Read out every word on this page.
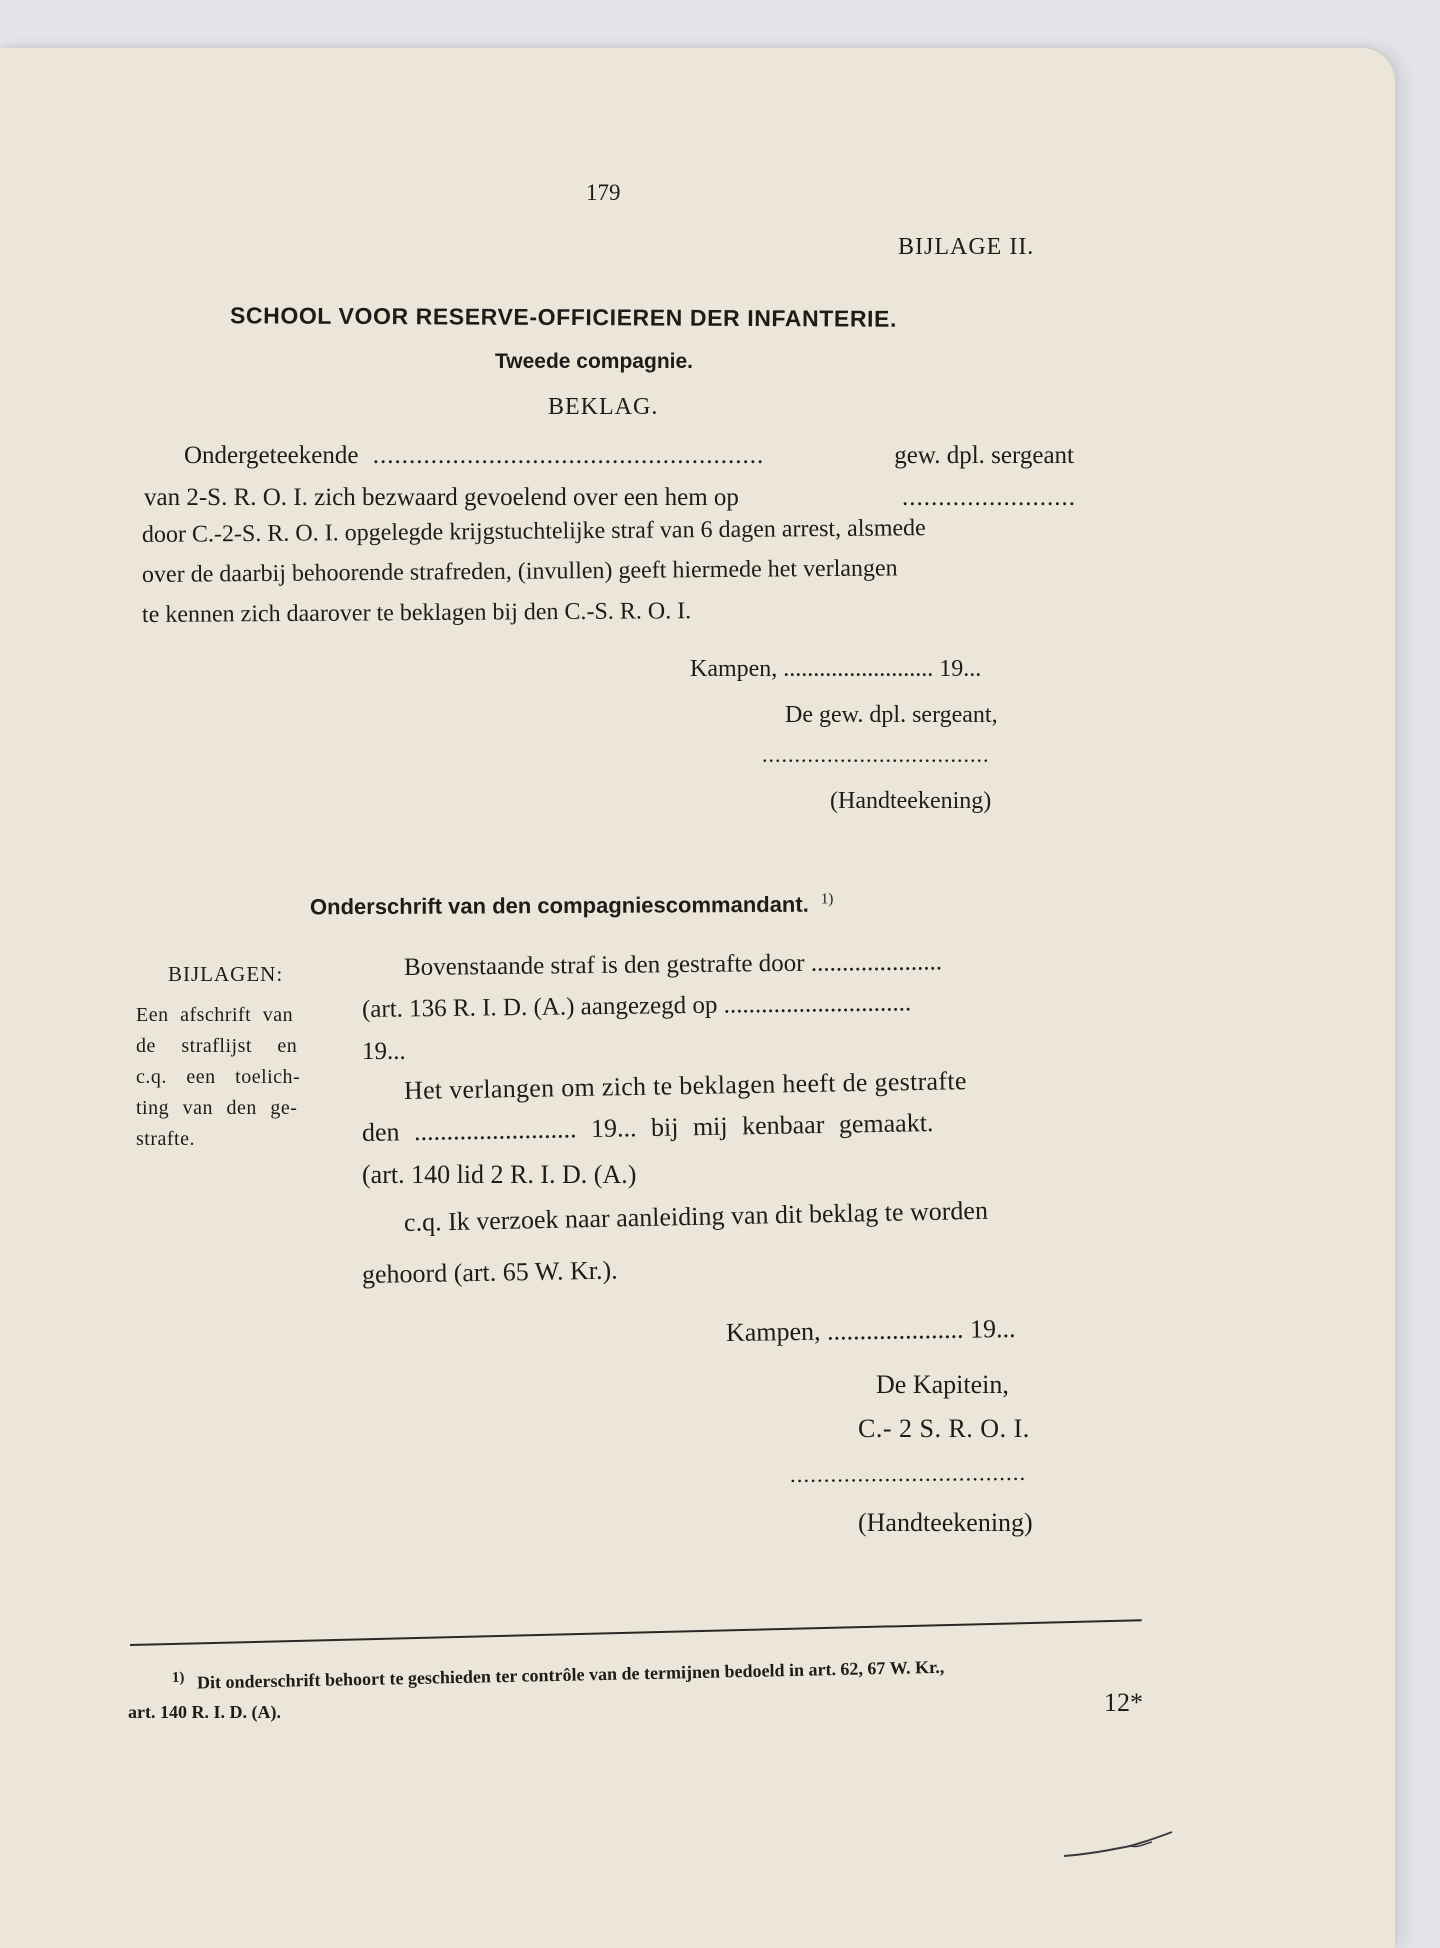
179
BIJLAGE II.
SCHOOL VOOR RESERVE-OFFICIEREN DER INFANTERIE.
Tweede compagnie.
BEKLAG.
Ondergeteekende ......................................................	gew. dpl. sergeant
van 2-S. R. O. I. zich bezwaard gevoelend over een hem op	........................
door C.-2-S. R. O. I. opgelegde krijgstuchtelijke straf van 6 dagen arrest, alsmede
over de daarbij behoorende strafreden, (invullen) geeft hiermede het verlangen
te kennen zich daarover te beklagen bij den C.-S. R. O. I.
Kampen, ......................... 19...
De gew. dpl. sergeant,
...................................
(Handteekening)
Onderschrift van den compagniescommandant. $^{1)}$
BIJLAGEN:
Een afschrift van
de straflijst en
c.q. een toelich-
ting van den ge-
strafte.
Bovenstaande straf is den gestrafte door .....................
(art. 136 R. I. D. (A.) aangezegd op ..............................
19...
Het verlangen om zich te beklagen heeft de gestrafte
den ......................... 19... bij mij kenbaar gemaakt.
(art. 140 lid 2 R. I. D. (A.)
c.q. Ik verzoek naar aanleiding van dit beklag te worden
gehoord (art. 65 W. Kr.).
Kampen, ..................... 19...
De Kapitein,
C.- 2 S. R. O. I.
...................................
(Handteekening)
$^{1)}$ Dit onderschrift behoort te geschieden ter contrôle van de termijnen bedoeld in art. 62, 67 W. Kr.,
art. 140 R. I. D. (A).	12*
